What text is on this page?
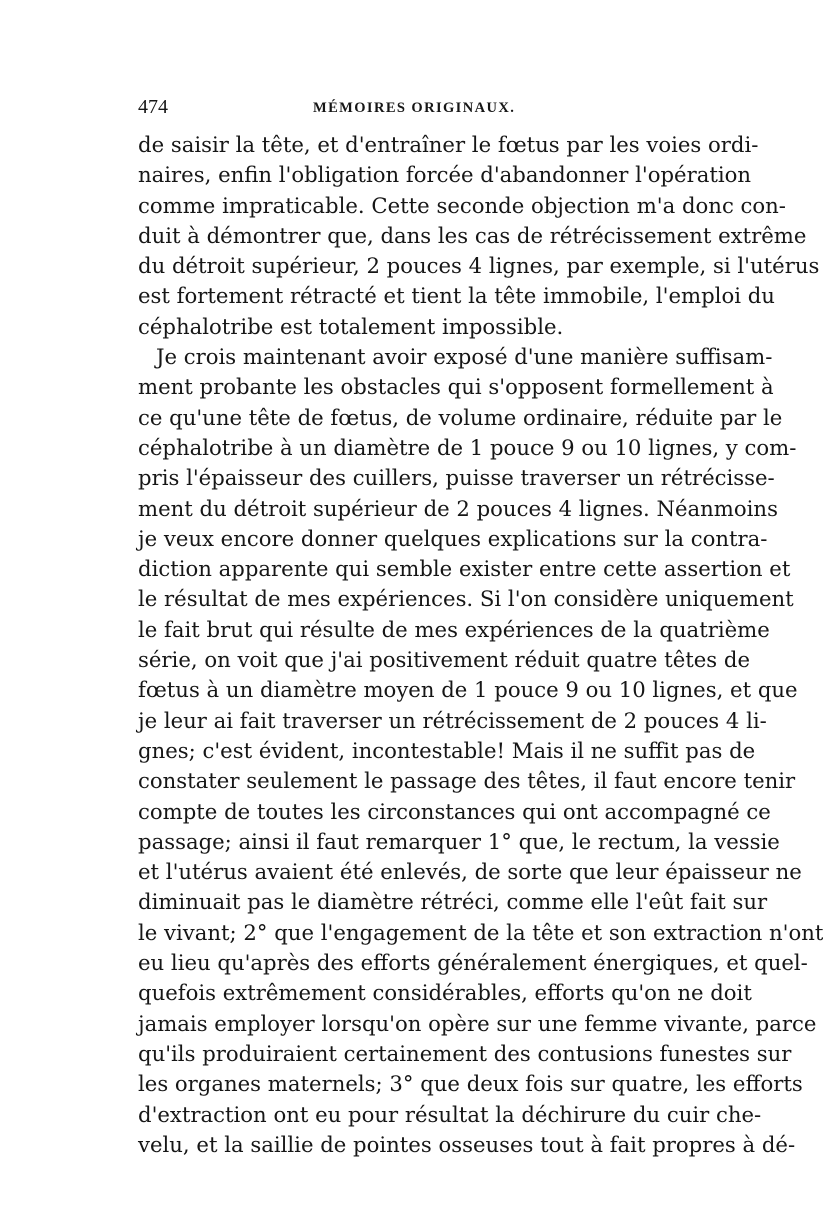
474	MÉMOIRES ORIGINAUX.
de saisir la tête, et d'entraîner le fœtus par les voies ordi-
naires, enfin l'obligation forcée d'abandonner l'opération
comme impraticable. Cette seconde objection m'a donc con-
duit à démontrer que, dans les cas de rétrécissement extrême
du détroit supérieur, 2 pouces 4 lignes, par exemple, si l'utérus
est fortement rétracté et tient la tête immobile, l'emploi du
céphalotribe est totalement impossible.
Je crois maintenant avoir exposé d'une manière suffisam-
ment probante les obstacles qui s'opposent formellement à
ce qu'une tête de fœtus, de volume ordinaire, réduite par le
céphalotribe à un diamètre de 1 pouce 9 ou 10 lignes, y com-
pris l'épaisseur des cuillers, puisse traverser un rétrécisse-
ment du détroit supérieur de 2 pouces 4 lignes. Néanmoins
je veux encore donner quelques explications sur la contra-
diction apparente qui semble exister entre cette assertion et
le résultat de mes expériences. Si l'on considère uniquement
le fait brut qui résulte de mes expériences de la quatrième
série, on voit que j'ai positivement réduit quatre têtes de
fœtus à un diamètre moyen de 1 pouce 9 ou 10 lignes, et que
je leur ai fait traverser un rétrécissement de 2 pouces 4 li-
gnes; c'est évident, incontestable! Mais il ne suffit pas de
constater seulement le passage des têtes, il faut encore tenir
compte de toutes les circonstances qui ont accompagné ce
passage; ainsi il faut remarquer 1° que, le rectum, la vessie
et l'utérus avaient été enlevés, de sorte que leur épaisseur ne
diminuait pas le diamètre rétréci, comme elle l'eût fait sur
le vivant; 2° que l'engagement de la tête et son extraction n'ont
eu lieu qu'après des efforts généralement énergiques, et quel-
quefois extrêmement considérables, efforts qu'on ne doit
jamais employer lorsqu'on opère sur une femme vivante, parce
qu'ils produiraient certainement des contusions funestes sur
les organes maternels; 3° que deux fois sur quatre, les efforts
d'extraction ont eu pour résultat la déchirure du cuir che-
velu, et la saillie de pointes osseuses tout à fait propres à dé-
